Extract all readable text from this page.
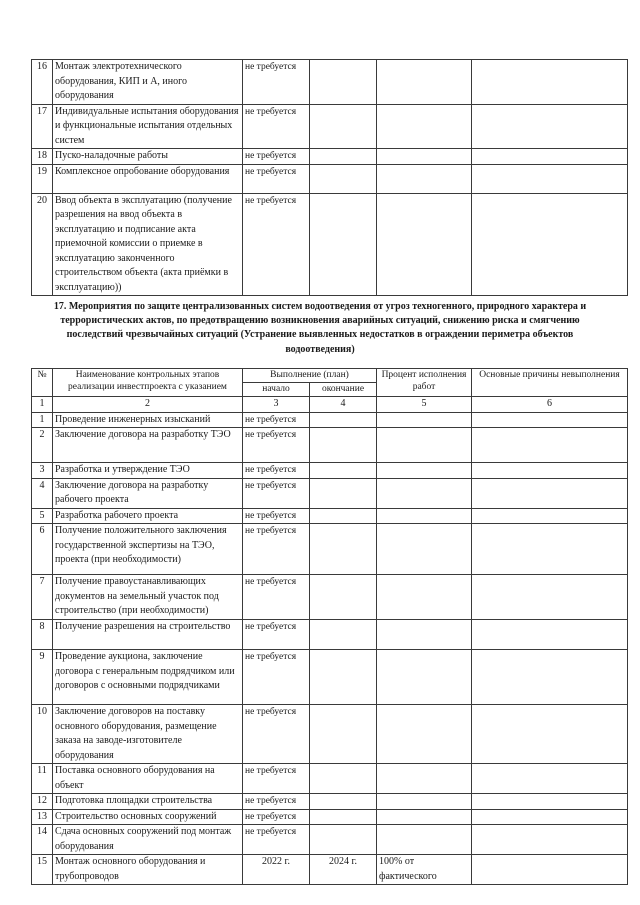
16	Монтаж электротехнического оборудования, КИП и А, иного оборудования	не требуется			
17	Индивидуальные испытания оборудования и функциональные испытания отдельных систем	не требуется			
18	Пуско-наладочные работы	не требуется			
19	Комплексное опробование оборудования	не требуется			
20	Ввод объекта в эксплуатацию (получение разрешения на ввод объекта в эксплуатацию и подписание акта приемочной комиссии о приемке в эксплуатацию законченного строительством объекта (акта приёмки в эксплуатацию))	не требуется			
17. Мероприятия по защите централизованных систем водоотведения от угроз техногенного, природного характера и террористических актов, по предотвращению возникновения аварийных ситуаций, снижению риска и смягчению последствий чрезвычайных ситуаций (Устранение выявленных недостатков в ограждении периметра объектов водоотведения)
№	Наименование контрольных этапов реализации инвестпроекта с указанием	Выполнение (план)		Процент исполнения работ	Основные причины невыполнения
		начало	окончание		
1	2	3	4	5	6
1	Проведение инженерных изысканий	не требуется			
2	Заключение договора на разработку ТЭО	не требуется			
3	Разработка и утверждение ТЭО	не требуется			
4	Заключение договора на разработку рабочего проекта	не требуется			
5	Разработка рабочего проекта	не требуется			
6	Получение положительного заключения государственной экспертизы на ТЭО, проекта (при необходимости)	не требуется			
7	Получение правоустанавливающих документов на земельный участок под строительство (при необходимости)	не требуется			
8	Получение разрешения на строительство	не требуется			
9	Проведение аукциона, заключение договора с генеральным подрядчиком или договоров с основными подрядчиками	не требуется			
10	Заключение договоров на поставку основного оборудования, размещение заказа на заводе-изготовителе оборудования	не требуется			
11	Поставка основного оборудования на объект	не требуется			
12	Подготовка площадки строительства	не требуется			
13	Строительство основных сооружений	не требуется			
14	Сдача основных сооружений под монтаж оборудования	не требуется			
15	Монтаж основного оборудования и трубопроводов	2022 г.	2024 г.	100% от фактического	
